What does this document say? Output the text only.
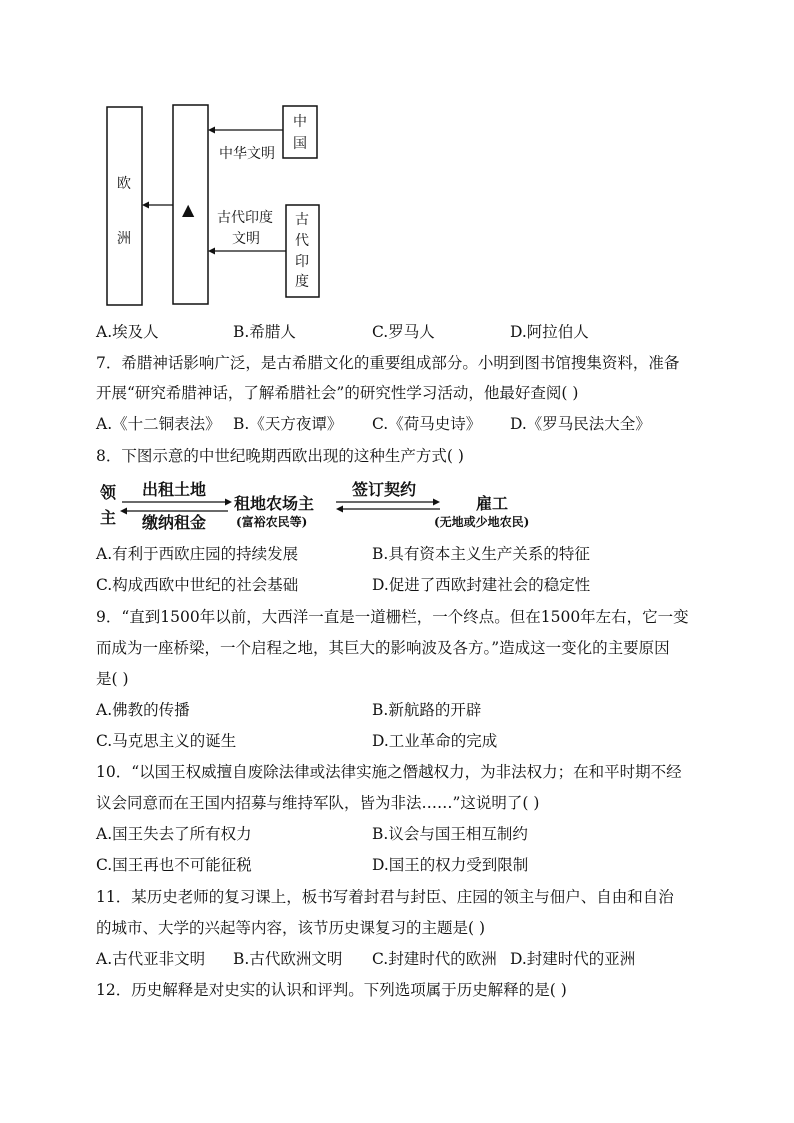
欧
洲
▲
中
国
中华文明
古
代
印
度
古代印度
文明
A.埃及人	B.希腊人	C.罗马人	D.阿拉伯人
7．希腊神话影响广泛，是古希腊文化的重要组成部分。小明到图书馆搜集资料，准备
开展“研究希腊神话，了解希腊社会”的研究性学习活动，他最好查阅( )
A.《十二铜表法》 B.《天方夜谭》 C.《荷马史诗》 D.《罗马民法大全》
8．下图示意的中世纪晚期西欧出现的这种生产方式( )
领
主
出租土地
缴纳租金
租地农场主
(富裕农民等)
签订契约
雇工
(无地或少地农民)
A.有利于西欧庄园的持续发展	B.具有资本主义生产关系的特征
C.构成西欧中世纪的社会基础	D.促进了西欧封建社会的稳定性
9．“直到1500年以前，大西洋一直是一道栅栏，一个终点。但在1500年左右，它一变
而成为一座桥梁，一个启程之地，其巨大的影响波及各方。”造成这一变化的主要原因
是( )
A.佛教的传播	B.新航路的开辟
C.马克思主义的诞生	D.工业革命的完成
10．“以国王权威擅自废除法律或法律实施之僭越权力，为非法权力；在和平时期不经
议会同意而在王国内招募与维持军队，皆为非法……”这说明了( )
A.国王失去了所有权力	B.议会与国王相互制约
C.国王再也不可能征税	D.国王的权力受到限制
11．某历史老师的复习课上，板书写着封君与封臣、庄园的领主与佃户、自由和自治
的城市、大学的兴起等内容，该节历史课复习的主题是( )
A.古代亚非文明 B.古代欧洲文明 C.封建时代的欧洲 D.封建时代的亚洲
12．历史解释是对史实的认识和评判。下列选项属于历史解释的是( )
